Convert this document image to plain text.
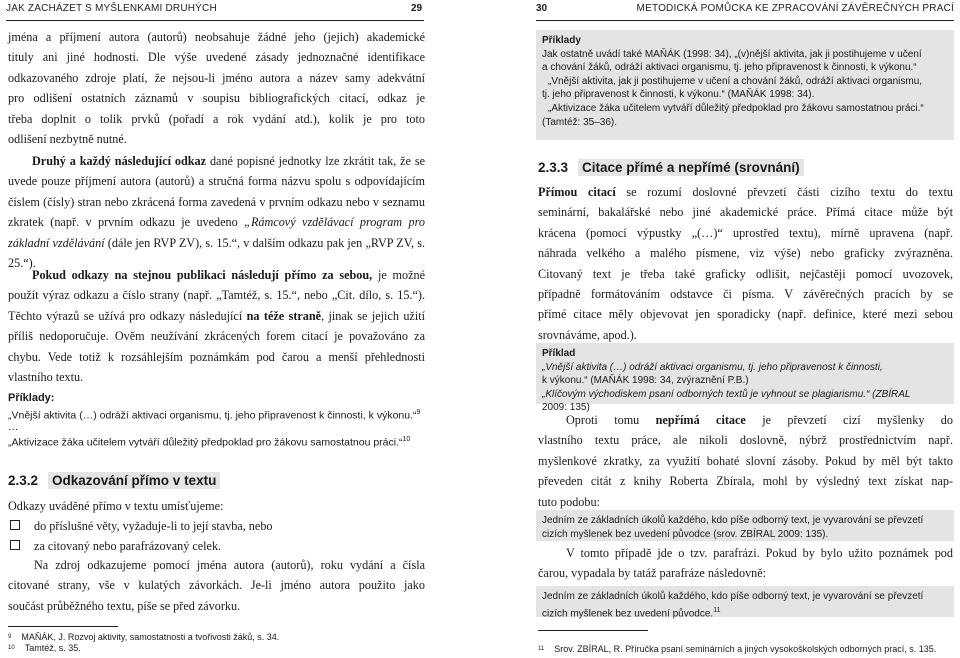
JAK ZACHÁZET S MYŠLENKAMI DRUHÝCH	29
jména a příjmení autora (autorů) neobsahuje žádné jeho (jejich) akademické
tituly ani jiné hodnosti. Dle výše uvedené zásady jednoznačné identifikace
odkazovaného zdroje platí, že nejsou-li jméno autora a název samy adekvátní
pro odlišení ostatních záznamů v soupisu bibliografických citací, odkaz je
třeba doplnit o tolik prvků (pořadí a rok vydání atd.), kolik je pro toto
odlišení nezbytně nutné.
Druhý a každý následující odkaz dané popisné jednotky lze zkrátit tak, že se uvede pouze příjmení autora (autorů) a stručná forma názvu spolu s odpovídajícím číslem (čísly) stran nebo zkrácená forma zavedená v prvním odkazu nebo v seznamu zkratek (např. v prvním odkazu je uvedeno „Rámcový vzdělávací program pro základní vzdělávání (dále jen RVP ZV), s. 15.“, v dalším odkazu pak jen „RVP ZV, s. 25.“).
Pokud odkazy na stejnou publikaci následují přímo za sebou, je možné použít výraz odkazu a číslo strany (např. „Tamtéž, s. 15.“, nebo „Cit. dílo, s. 15.“). Těchto výrazů se užívá pro odkazy následující na téže straně, jinak se jejich užití příliš nedoporučuje. Ověm neužívání zkrácených forem citací je považováno za chybu. Vede totiž k rozsáhlejším poznámkám pod čarou a menší přehlednosti vlastního textu.
Příklady:
„Vnější aktivita (…) odráží aktivaci organismu, tj. jeho připravenost k činnosti, k výkonu.“$^9$
…
„Aktivizace žáka učitelem vytváří důležitý předpoklad pro žákovu samostatnou práci.“$^{10}$
2.3.2 Odkazování přímo v textu
Odkazy uváděné přímo v textu umísťujeme:
do příslušné věty, vyžaduje-li to její stavba, nebo
za citovaný nebo parafrázovaný celek.
Na zdroj odkazujeme pomocí jména autora (autorů), roku vydání a čísla
citované strany, vše v kulatých závorkách. Je-li jméno autora použito jako
součást průběžného textu, píše se před závorku.
$^9$ MAŇÁK, J. Rozvoj aktivity, samostatnosti a tvořivosti žáků, s. 34.
$^{10}$ Tamtéž, s. 35.
30	METODICKÁ POMŮCKA KE ZPRACOVÁNÍ ZÁVĚREČNÝCH PRACÍ

Příklady

Jak ostatně uvádí také MAŇÁK (1998: 34), „(v)nější aktivita, jak ji postihujeme v učení

a chování žáků, odráží aktivaci organismu, tj. jeho připravenost k činnosti, k výkonu.“

„Vnější aktivita, jak ji postihujeme v učení a chování žáků, odráží aktivaci organismu,

tj. jeho připravenost k činnosti, k výkonu.“ (MAŇÁK 1998: 34).

„Aktivizace žáka učitelem vytváří důležitý předpoklad pro žákovu samostatnou práci.“

(Tamtéž: 35–36).

2.3.3 Citace přímé a nepřímé (srovnání)
Přímou citací se rozumí doslovné převzetí části cizího textu do textu
seminární, bakalářské nebo jiné akademické práce. Přímá citace může být
krácena (pomocí výpustky „(…)“ uprostřed textu), mírně upravena (např.
náhrada velkého a malého písmene, viz výše) nebo graficky zvýrazněna.
Citovaný text je třeba také graficky odlišit, nejčastěji pomocí uvozovek,
případně formátováním odstavce či písma. V závěrečných pracích by se
přímé citace měly objevovat jen sporadicky (např. definice, které mezi sebou
srovnáváme, apod.).

Příklad

„Vnější aktivita (…) odráží aktivaci organismu, tj. jeho připravenost k činnosti,

k výkonu.“ (MAŇÁK 1998: 34, zvýraznění P.B.)

„Klíčovým východiskem psaní odborných textů je vyhnout se plagiarismu.“ (ZBÍRAL

2009: 135)

Oproti tomu nepřímá citace je převzetí cizí myšlenky do
vlastního textu práce, ale nikoli doslovně, nýbrž prostřednictvím např.
myšlenkové zkratky, za využití bohaté slovní zásoby. Pokud by měl být takto
převeden citát z knihy Roberta Zbírala, mohl by výsledný text získat nap-
tuto podobu:

Jedním ze základních úkolů každého, kdo píše odborný text, je vyvarování se převzetí

cizích myšlenek bez uvedení původce (srov. ZBÍRAL 2009: 135).

V tomto případě jde o tzv. parafrázi. Pokud by bylo užito poznámek pod
čarou, vypadala by tatáž parafráze následovně:

Jedním ze základních úkolů každého, kdo píše odborný text, je vyvarování se převzetí

cizích myšlenek bez uvedení původce.$^{11}$

$^{11}$ Srov. ZBÍRAL, R. Příručka psaní seminárních a jiných vysokoškolských odborných prací, s. 135.
